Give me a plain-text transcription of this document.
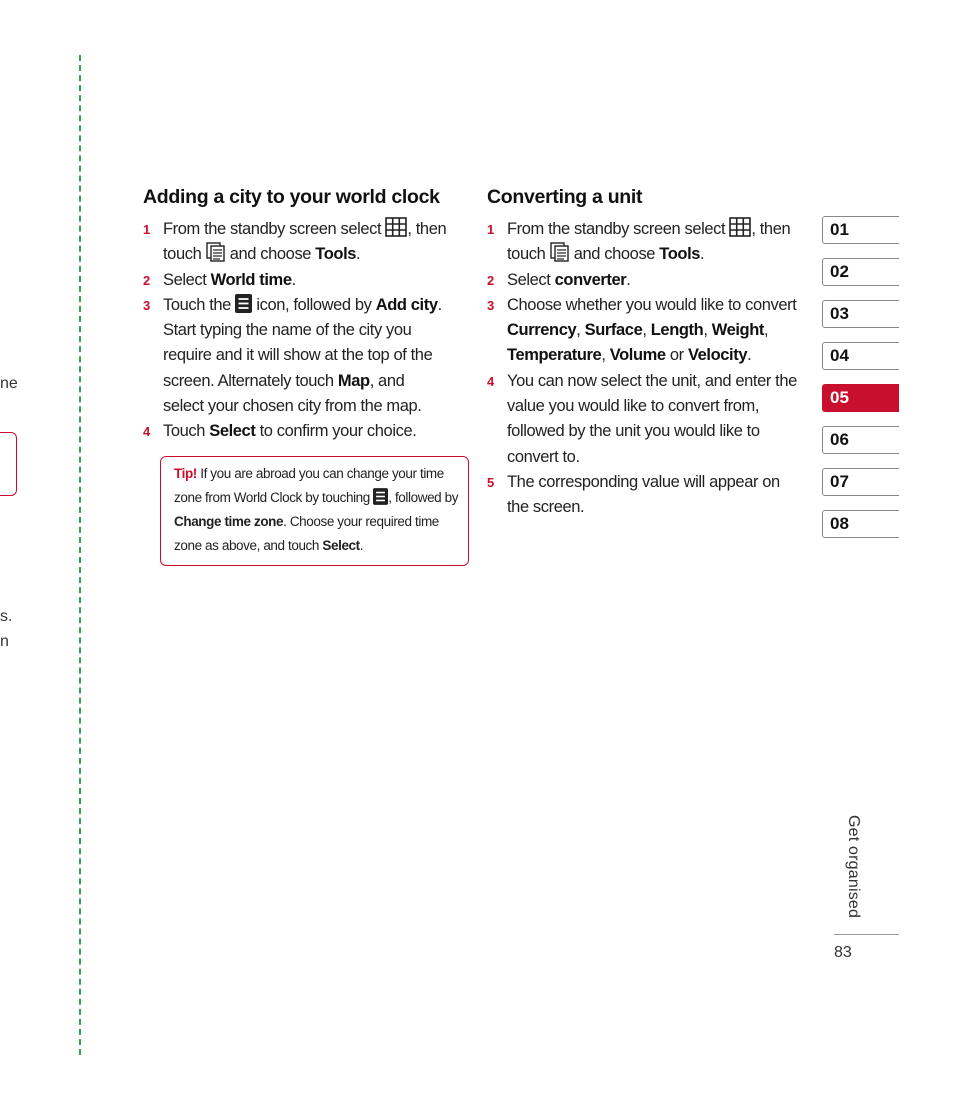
ne
s.
n
Adding a city to your world clock
1 From the standby screen select , then touch  and choose Tools.
2 Select World time.
3 Touch the  icon, followed by Add city. Start typing the name of the city you require and it will show at the top of the screen. Alternately touch Map, and select your chosen city from the map.
4 Touch Select to confirm your choice.
Tip! If you are abroad you can change your time zone from World Clock by touching , followed by Change time zone. Choose your required time zone as above, and touch Select.
Converting a unit
1 From the standby screen select , then touch  and choose Tools.
2 Select converter.
3 Choose whether you would like to convert Currency, Surface, Length, Weight, Temperature, Volume or Velocity.
4 You can now select the unit, and enter the value you would like to convert from, followed by the unit you would like to convert to.
5 The corresponding value will appear on the screen.
01
02
03
04
05
06
07
08
Get organised
83
